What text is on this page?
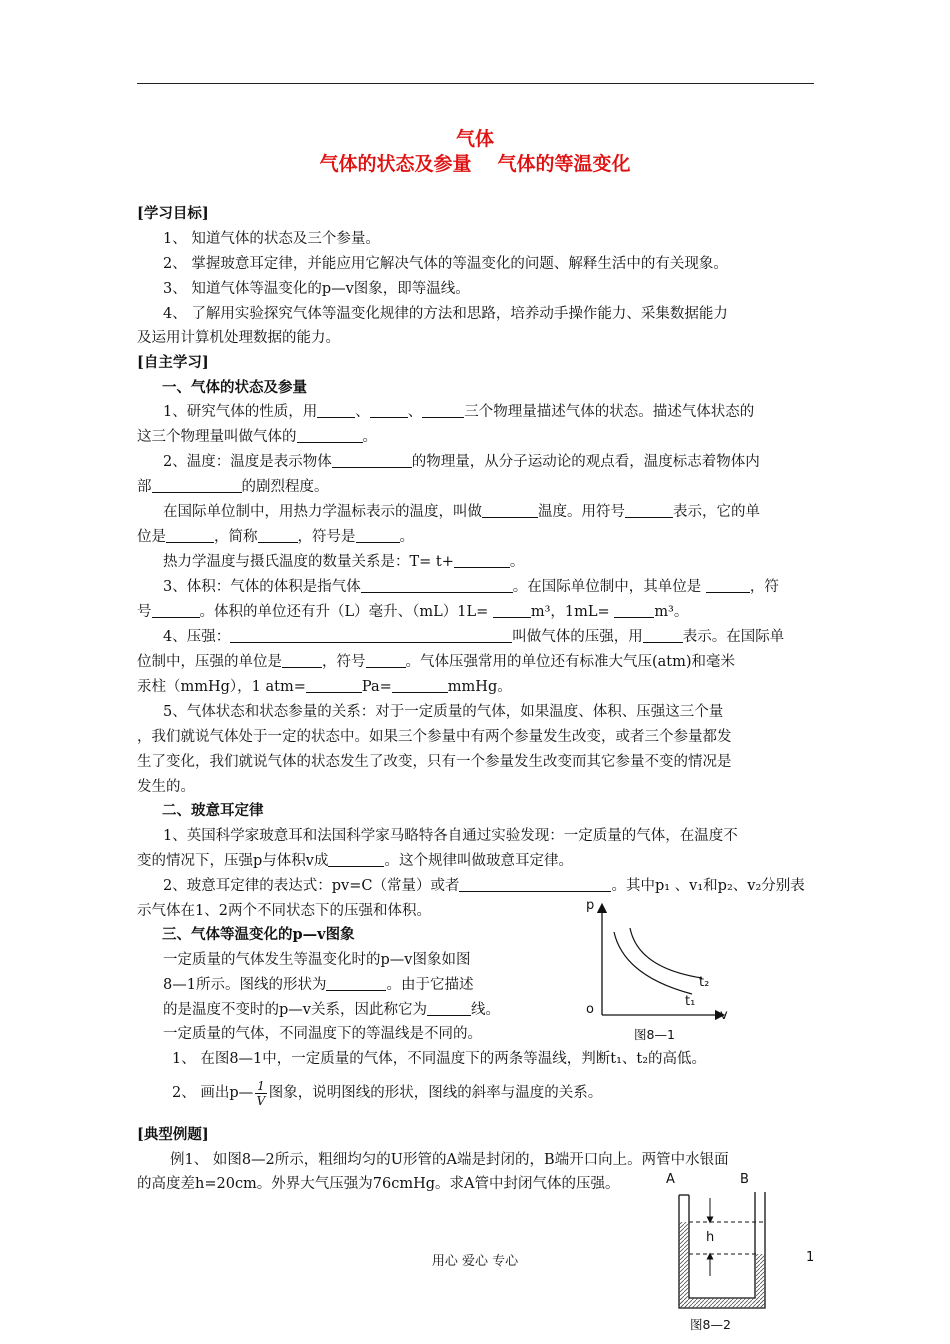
气体
气体的状态及参量 气体的等温变化
[学习目标]
1、 知道气体的状态及三个参量。
2、 掌握玻意耳定律，并能应用它解决气体的等温变化的问题、解释生活中的有关现象。
3、 知道气体等温变化的p—v图象，即等温线。
4、 了解用实验探究气体等温变化规律的方法和思路，培养动手操作能力、采集数据能力
及运用计算机处理数据的能力。
[自主学习]
一、气体的状态及参量
1、研究气体的性质，用	、	、	三个物理量描述气体的状态。描述气体状态的
这三个物理量叫做气体的	。
2、温度：温度是表示物体	的物理量，从分子运动论的观点看，温度标志着物体内
部	的剧烈程度。
在国际单位制中，用热力学温标表示的温度，叫做	温度。用符号	表示，它的单
位是	，简称	，符号是	。
热力学温度与摄氏温度的数量关系是：T= t+	。
3、体积：气体的体积是指气体	。在国际单位制中，其单位是	，符
号	。体积的单位还有升（L）毫升、（mL）1L=	m³，1mL=	m³。
4、压强：	叫做气体的压强，用	表示。在国际单
位制中，压强的单位是	，符号	。气体压强常用的单位还有标准大气压(atm)和毫米
汞柱（mmHg），1 atm=	Pa=	mmHg。
5、气体状态和状态参量的关系：对于一定质量的气体，如果温度、体积、压强这三个量
，我们就说气体处于一定的状态中。如果三个参量中有两个参量发生改变，或者三个参量都发
生了变化，我们就说气体的状态发生了改变，只有一个参量发生改变而其它参量不变的情况是
发生的。
二、玻意耳定律
1、英国科学家玻意耳和法国科学家马略特各自通过实验发现：一定质量的气体，在温度不
变的情况下，压强p与体积v成	。这个规律叫做玻意耳定律。
2、玻意耳定律的表达式：pv=C（常量）或者	。其中p₁ 、v₁和p₂、v₂分别表
示气体在1、2两个不同状态下的压强和体积。
三、气体等温变化的p—v图象
一定质量的气体发生等温变化时的p—v图象如图
8—1所示。图线的形状为	。由于它描述
的是温度不变时的p—v关系，因此称它为	线。
一定质量的气体，不同温度下的等温线是不同的。
1、 在图8—1中，一定质量的气体，不同温度下的两条等温线，判断t₁、t₂的高低。
2、 画出p— $\frac{1}{V}$ 图象，说明图线的形状，图线的斜率与温度的关系。
[典型例题]
例1、 如图8—2所示，粗细均匀的U形管的A端是封闭的，B端开口向上。两管中水银面
的高度差h=20cm。外界大气压强为76cmHg。求A管中封闭气体的压强。
p
o	v
t₂
t₁
图8—1
A	B
h
图8—2
用心 爱心 专心	1
